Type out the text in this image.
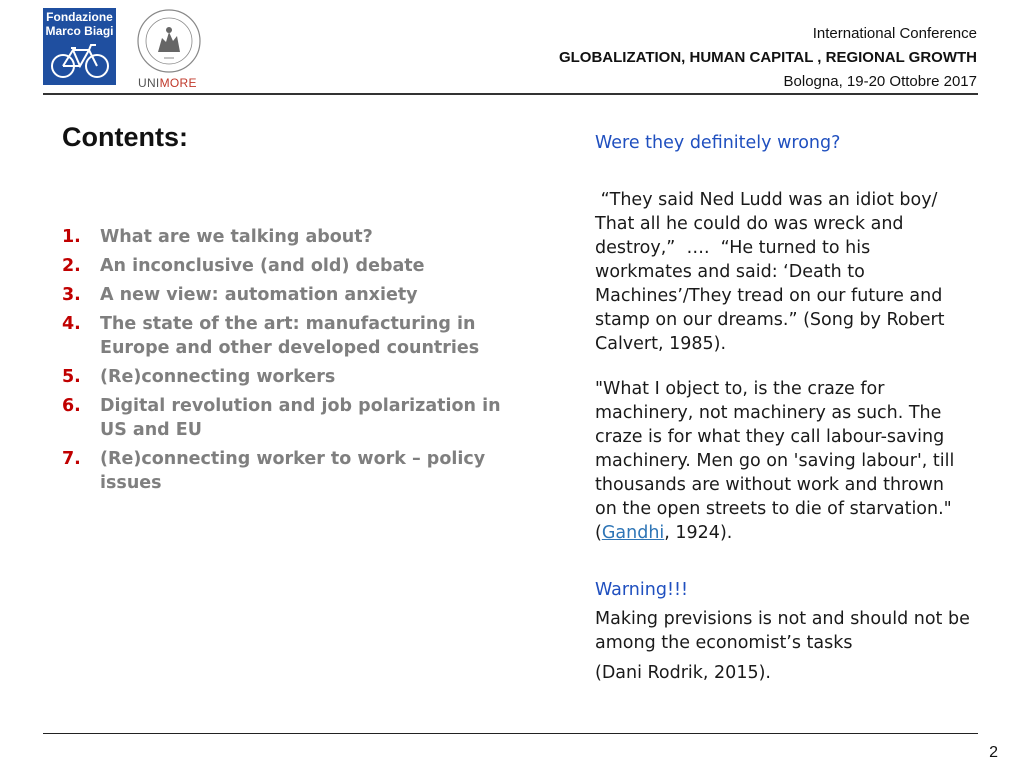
Fondazione
Marco Biagi
UNIMORE
International Conference
GLOBALIZATION, HUMAN CAPITAL , REGIONAL GROWTH
Bologna, 19-20 Ottobre 2017
Contents:
1. What are we talking about?
2. An inconclusive (and old) debate
3. A new view: automation anxiety
4. The state of the art: manufacturing in Europe and other developed countries
5. (Re)connecting workers
6. Digital revolution and job polarization in US and EU
7. (Re)connecting worker to work – policy issues

Were they definitely wrong?

“They said Ned Ludd was an idiot boy/ That all he could do was wreck and destroy,”  ….  “He turned to his workmates and said: ‘Death to Machines’/They tread on our future and stamp on our dreams.” (Song by Robert Calvert, 1985).

"What I object to, is the craze for machinery, not machinery as such. The craze is for what they call labour-saving machinery. Men go on 'saving labour', till thousands are without work and thrown on the open streets to die of starvation." (Gandhi, 1924).

Warning!!!

Making previsions is not and should not be among the economist’s tasks

(Dani Rodrik, 2015).

2
